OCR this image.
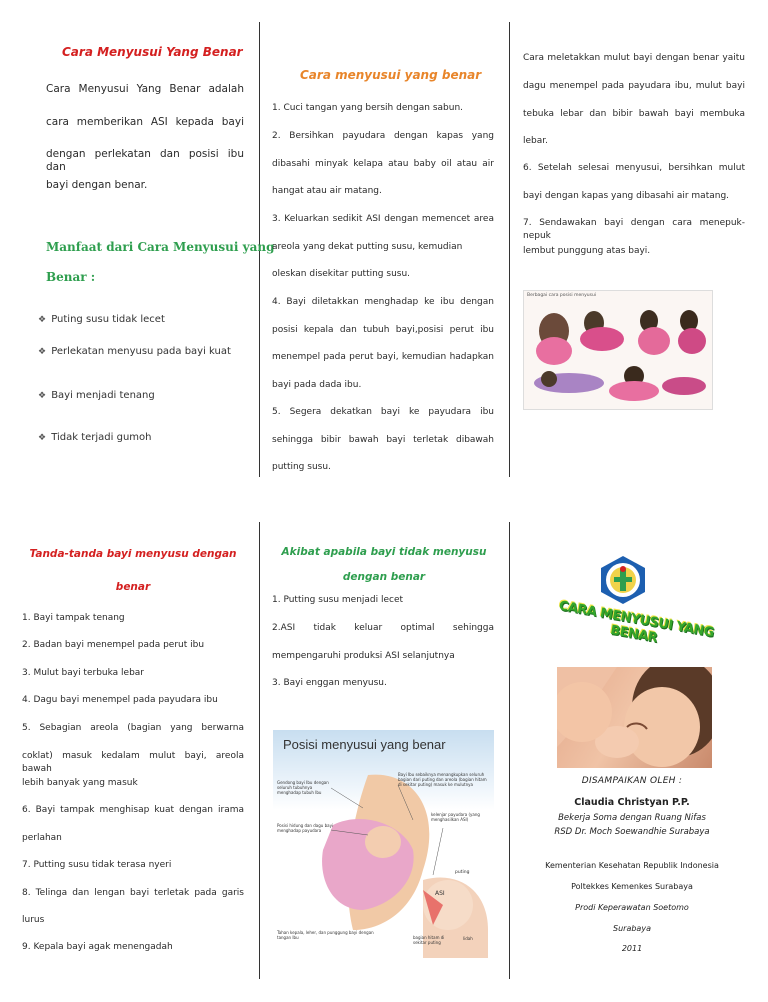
Cara Menyusui Yang Benar
Cara Menyusui Yang Benar adalah
cara memberikan ASI kepada bayi
dengan perlekatan dan posisi ibu dan
bayi dengan benar.
Manfaat dari Cara Menyusui yang
Benar :
❖ Puting susu tidak lecet
❖ Perlekatan menyusu pada bayi kuat
❖ Bayi menjadi tenang
❖ Tidak terjadi gumoh
Cara menyusui yang benar
1. Cuci tangan yang bersih dengan sabun.
2. Bersihkan payudara dengan kapas yang
dibasahi minyak kelapa atau baby oil atau air
hangat atau air matang.
3. Keluarkan sedikit ASI dengan memencet area
areola yang dekat putting susu, kemudian
oleskan disekitar putting susu.
4. Bayi diletakkan menghadap ke ibu dengan
posisi kepala dan tubuh bayi,posisi perut ibu
menempel pada perut bayi, kemudian hadapkan
bayi pada dada ibu.
5. Segera dekatkan bayi ke payudara ibu
sehingga bibir bawah bayi terletak dibawah
putting susu.
Cara meletakkan mulut bayi dengan benar yaitu
dagu menempel pada payudara ibu, mulut bayi
tebuka lebar dan bibir bawah bayi membuka
lebar.
6. Setelah selesai menyusui, bersihkan mulut
bayi dengan kapas yang dibasahi air matang.
7. Sendawakan bayi dengan cara menepuk-nepuk
lembut punggung atas bayi.
Berbagai cara posisi menyusui
Tanda-tanda bayi menyusu dengan
benar
1. Bayi tampak tenang
2. Badan bayi menempel pada perut ibu
3. Mulut bayi terbuka lebar
4. Dagu bayi menempel pada payudara ibu
5. Sebagian areola (bagian yang berwarna
coklat) masuk kedalam mulut bayi, areola bawah
lebih banyak yang masuk
6. Bayi tampak menghisap kuat dengan irama
perlahan
7. Putting susu tidak terasa nyeri
8. Telinga dan lengan bayi terletak pada garis
lurus
9. Kepala bayi agak menengadah
Akibat apabila bayi tidak menyusu
dengan benar
1. Putting susu menjadi lecet
2.ASI tidak keluar optimal sehingga
mempengaruhi produksi ASI selanjutnya
3. Bayi enggan menyusu.
Posisi menyusui yang benar
Gendong bayi Ibu dengan seluruh tubuhnya menghadap tubuh Ibu
Posisi hidung dan dagu bayi menghadap payudara
Bayi Ibu sebaiknya menangkupkan seluruh bagian dari puting dan areola (bagian hitam di sekitar puting) masuk ke mulutnya
kelenjar payudara (yang menghasilkan ASI)
puting
ASI
bagian hitam di sekitar puting
lidah
Tahan kepala, leher, dan punggung bayi dengan tangan Ibu
CARA MENYUSUI YANG BENAR
DISAMPAIKAN OLEH :
Claudia Christyan P.P.
Bekerja Soma dengan Ruang Nifas
RSD Dr. Moch Soewandhie Surabaya
Kementerian Kesehatan Republik Indonesia
Poltekkes Kemenkes Surabaya
Prodi Keperawatan Soetomo
Surabaya
2011
